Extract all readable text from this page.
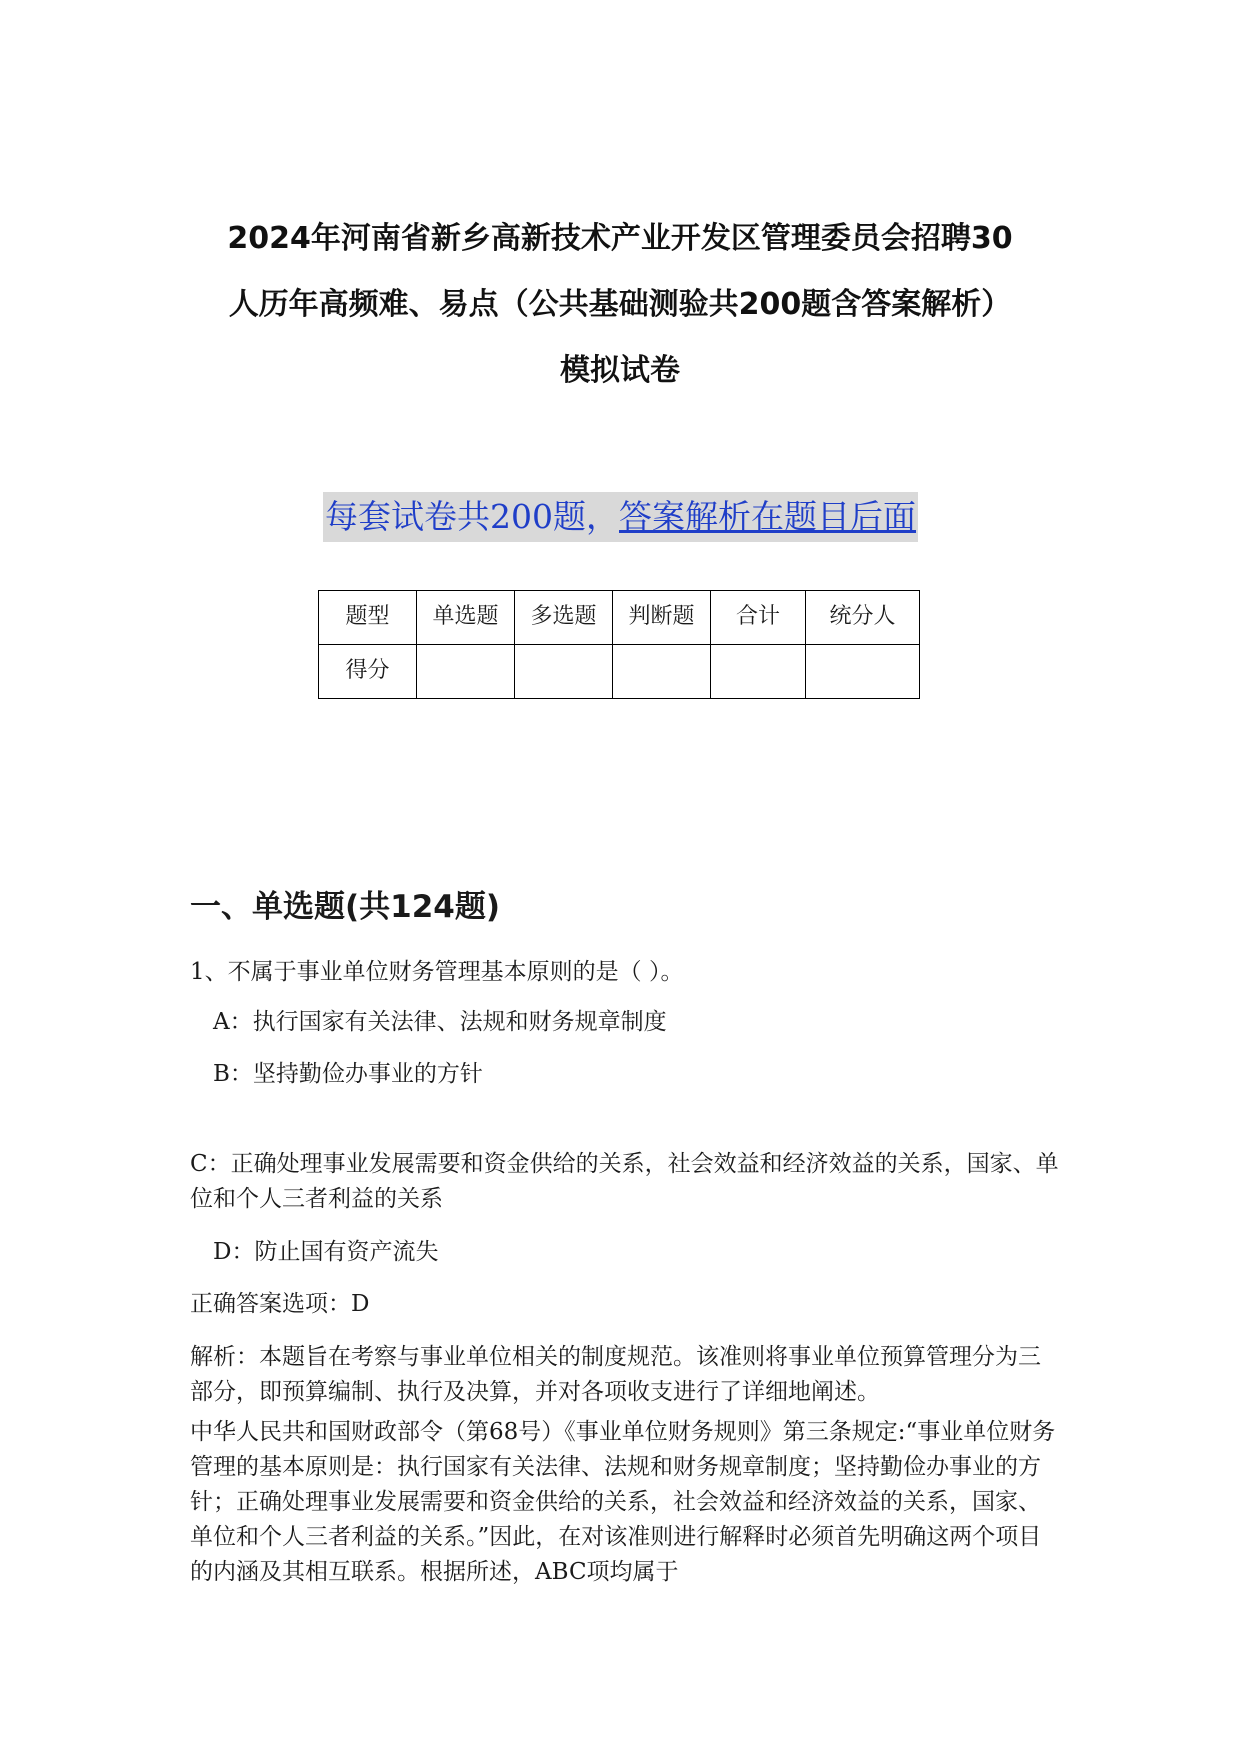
2024年河南省新乡高新技术产业开发区管理委员会招聘30
人历年高频难、易点（公共基础测验共200题含答案解析）
模拟试卷
每套试卷共200题，答案解析在题目后面
题型	单选题	多选题	判断题	合计	统分人
得分					
一、单选题(共124题)

1、不属于事业单位财务管理基本原则的是（ ）。

A：执行国家有关法律、法规和财务规章制度

B：坚持勤俭办事业的方针

C：正确处理事业发展需要和资金供给的关系，社会效益和经济效益的关系，国家、单位和个人三者利益的关系

D：防止国有资产流失

正确答案选项：D

解析：本题旨在考察与事业单位相关的制度规范。该准则将事业单位预算管理分为三部分，即预算编制、执行及决算，并对各项收支进行了详细地阐述。

中华人民共和国财政部令（第68号）《事业单位财务规则》第三条规定:“事业单位财务管理的基本原则是：执行国家有关法律、法规和财务规章制度；坚持勤俭办事业的方针；正确处理事业发展需要和资金供给的关系，社会效益和经济效益的关系，国家、单位和个人三者利益的关系。”因此，在对该准则进行解释时必须首先明确这两个项目的内涵及其相互联系。根据所述，ABC项均属于
